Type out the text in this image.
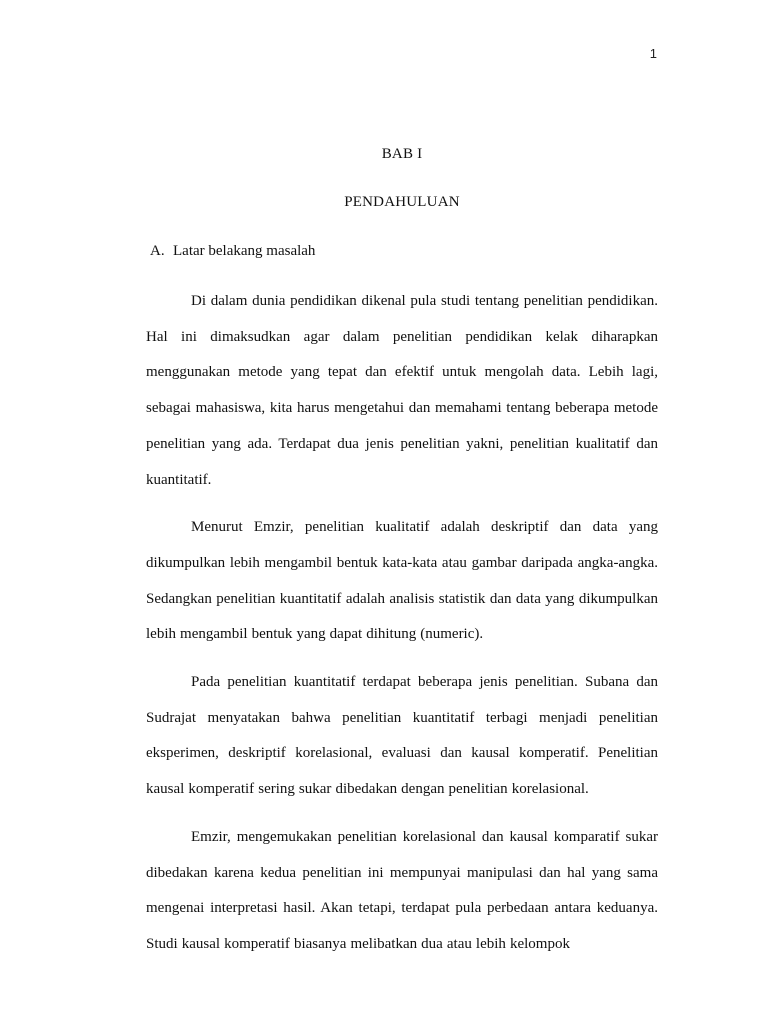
1
BAB I
PENDAHULUAN
A. Latar belakang masalah

Di dalam dunia pendidikan dikenal pula studi tentang penelitian pendidikan. Hal ini dimaksudkan agar dalam penelitian pendidikan kelak diharapkan menggunakan metode yang tepat dan efektif untuk mengolah data. Lebih lagi, sebagai mahasiswa, kita harus mengetahui dan memahami tentang beberapa metode penelitian yang ada. Terdapat dua jenis penelitian yakni, penelitian kualitatif dan kuantitatif.

Menurut Emzir, penelitian kualitatif adalah deskriptif dan data yang dikumpulkan lebih mengambil bentuk kata-kata atau gambar daripada angka-angka. Sedangkan penelitian kuantitatif adalah analisis statistik dan data yang dikumpulkan lebih mengambil bentuk yang dapat dihitung (numeric).

Pada penelitian kuantitatif terdapat beberapa jenis penelitian. Subana dan Sudrajat menyatakan bahwa penelitian kuantitatif terbagi menjadi penelitian eksperimen, deskriptif korelasional, evaluasi dan kausal komperatif. Penelitian kausal komperatif sering sukar dibedakan dengan penelitian korelasional.

Emzir, mengemukakan penelitian korelasional dan kausal komparatif sukar dibedakan karena kedua penelitian ini mempunyai manipulasi dan hal yang sama mengenai interpretasi hasil. Akan tetapi, terdapat pula perbedaan antara keduanya. Studi kausal komperatif biasanya melibatkan dua atau lebih kelompok
